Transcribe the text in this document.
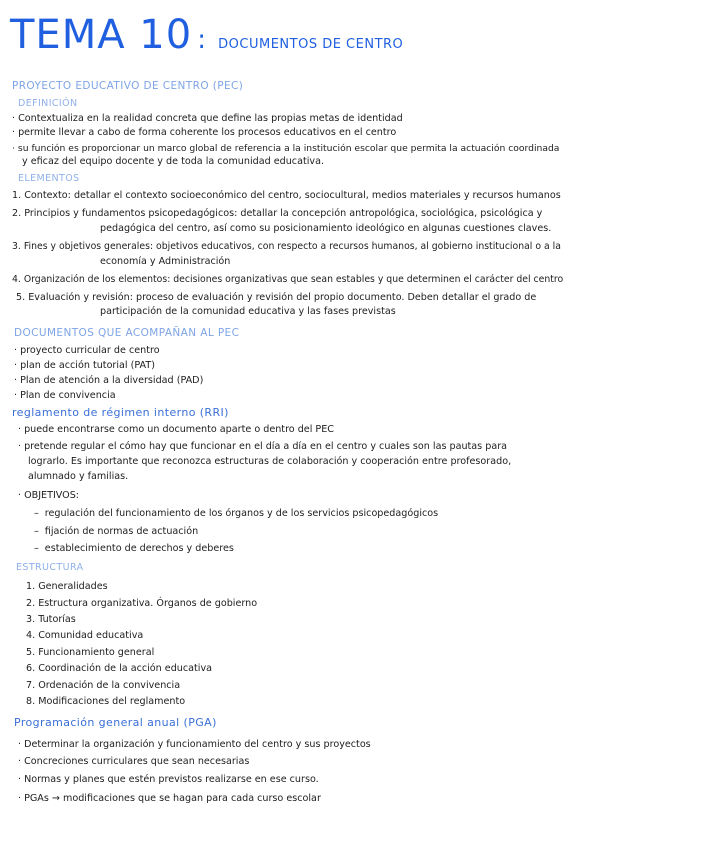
TEMA 10 : DOCUMENTOS DE CENTRO
PROYECTO EDUCATIVO DE CENTRO (PEC)
DEFINICIÓN
· Contextualiza en la realidad concreta que define las propias metas de identidad
· permite llevar a cabo de forma coherente los procesos educativos en el centro
· su función es proporcionar un marco global de referencia a la institución escolar que permita la actuación coordinada
y eficaz del equipo docente y de toda la comunidad educativa.
ELEMENTOS
1. Contexto: detallar el contexto socioeconómico del centro, sociocultural, medios materiales y recursos humanos
2. Principios y fundamentos psicopedagógicos: detallar la concepción antropológica, sociológica, psicológica y
pedagógica del centro, así como su posicionamiento ideológico en algunas cuestiones claves.
3. Fines y objetivos generales: objetivos educativos, con respecto a recursos humanos, al gobierno institucional o a la
economía y Administración
4. Organización de los elementos: decisiones organizativas que sean estables y que determinen el carácter del centro
5. Evaluación y revisión: proceso de evaluación y revisión del propio documento. Deben detallar el grado de
participación de la comunidad educativa y las fases previstas
DOCUMENTOS QUE ACOMPAÑAN AL PEC
· proyecto curricular de centro
· plan de acción tutorial (PAT)
· Plan de atención a la diversidad (PAD)
· Plan de convivencia
reglamento de régimen interno (RRI)
· puede encontrarse como un documento aparte o dentro del PEC
· pretende regular el cómo hay que funcionar en el día a día en el centro y cuales son las pautas para
lograrlo. Es importante que reconozca estructuras de colaboración y cooperación entre profesorado,
alumnado y familias.
· OBJETIVOS:
– regulación del funcionamiento de los órganos y de los servicios psicopedagógicos
– fijación de normas de actuación
– establecimiento de derechos y deberes
ESTRUCTURA
1. Generalidades
2. Estructura organizativa. Órganos de gobierno
3. Tutorías
4. Comunidad educativa
5. Funcionamiento general
6. Coordinación de la acción educativa
7. Ordenación de la convivencia
8. Modificaciones del reglamento
Programación general anual (PGA)
· Determinar la organización y funcionamiento del centro y sus proyectos
· Concreciones curriculares que sean necesarias
· Normas y planes que estén previstos realizarse en ese curso.
· PGAs → modificaciones que se hagan para cada curso escolar
